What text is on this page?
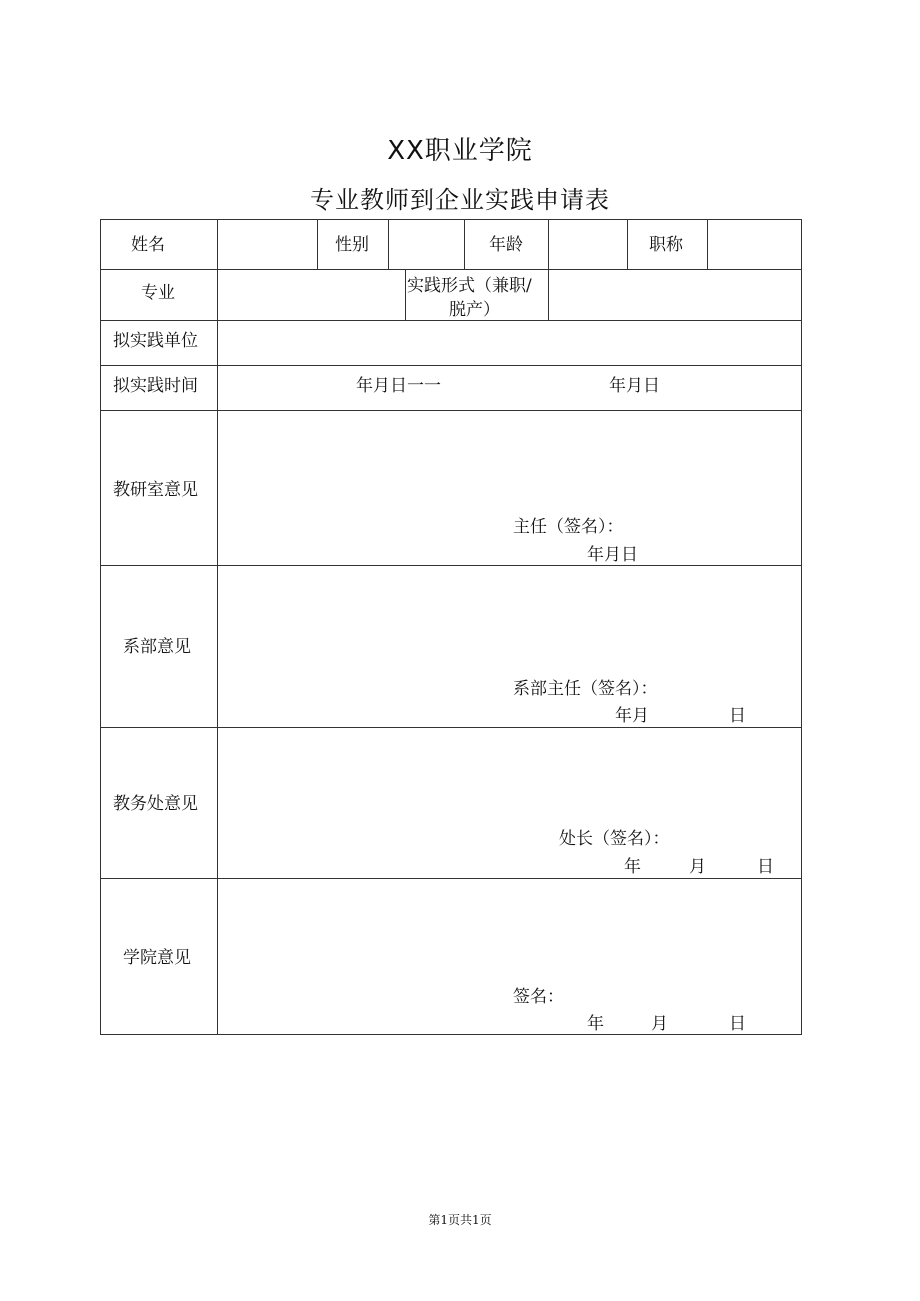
XX职业学院
专业教师到企业实践申请表
姓名	性别	年龄	职称
专业	实践形式（兼职/
脱产）
拟实践单位
拟实践时间	年月日一一	年月日
教研室意见
主任（签名）：
年月日
系部意见
系部主任（签名）：
年月	日
教务处意见
处长（签名）：
年	月	日
学院意见
签名：
年	月	日
第1页共1页
